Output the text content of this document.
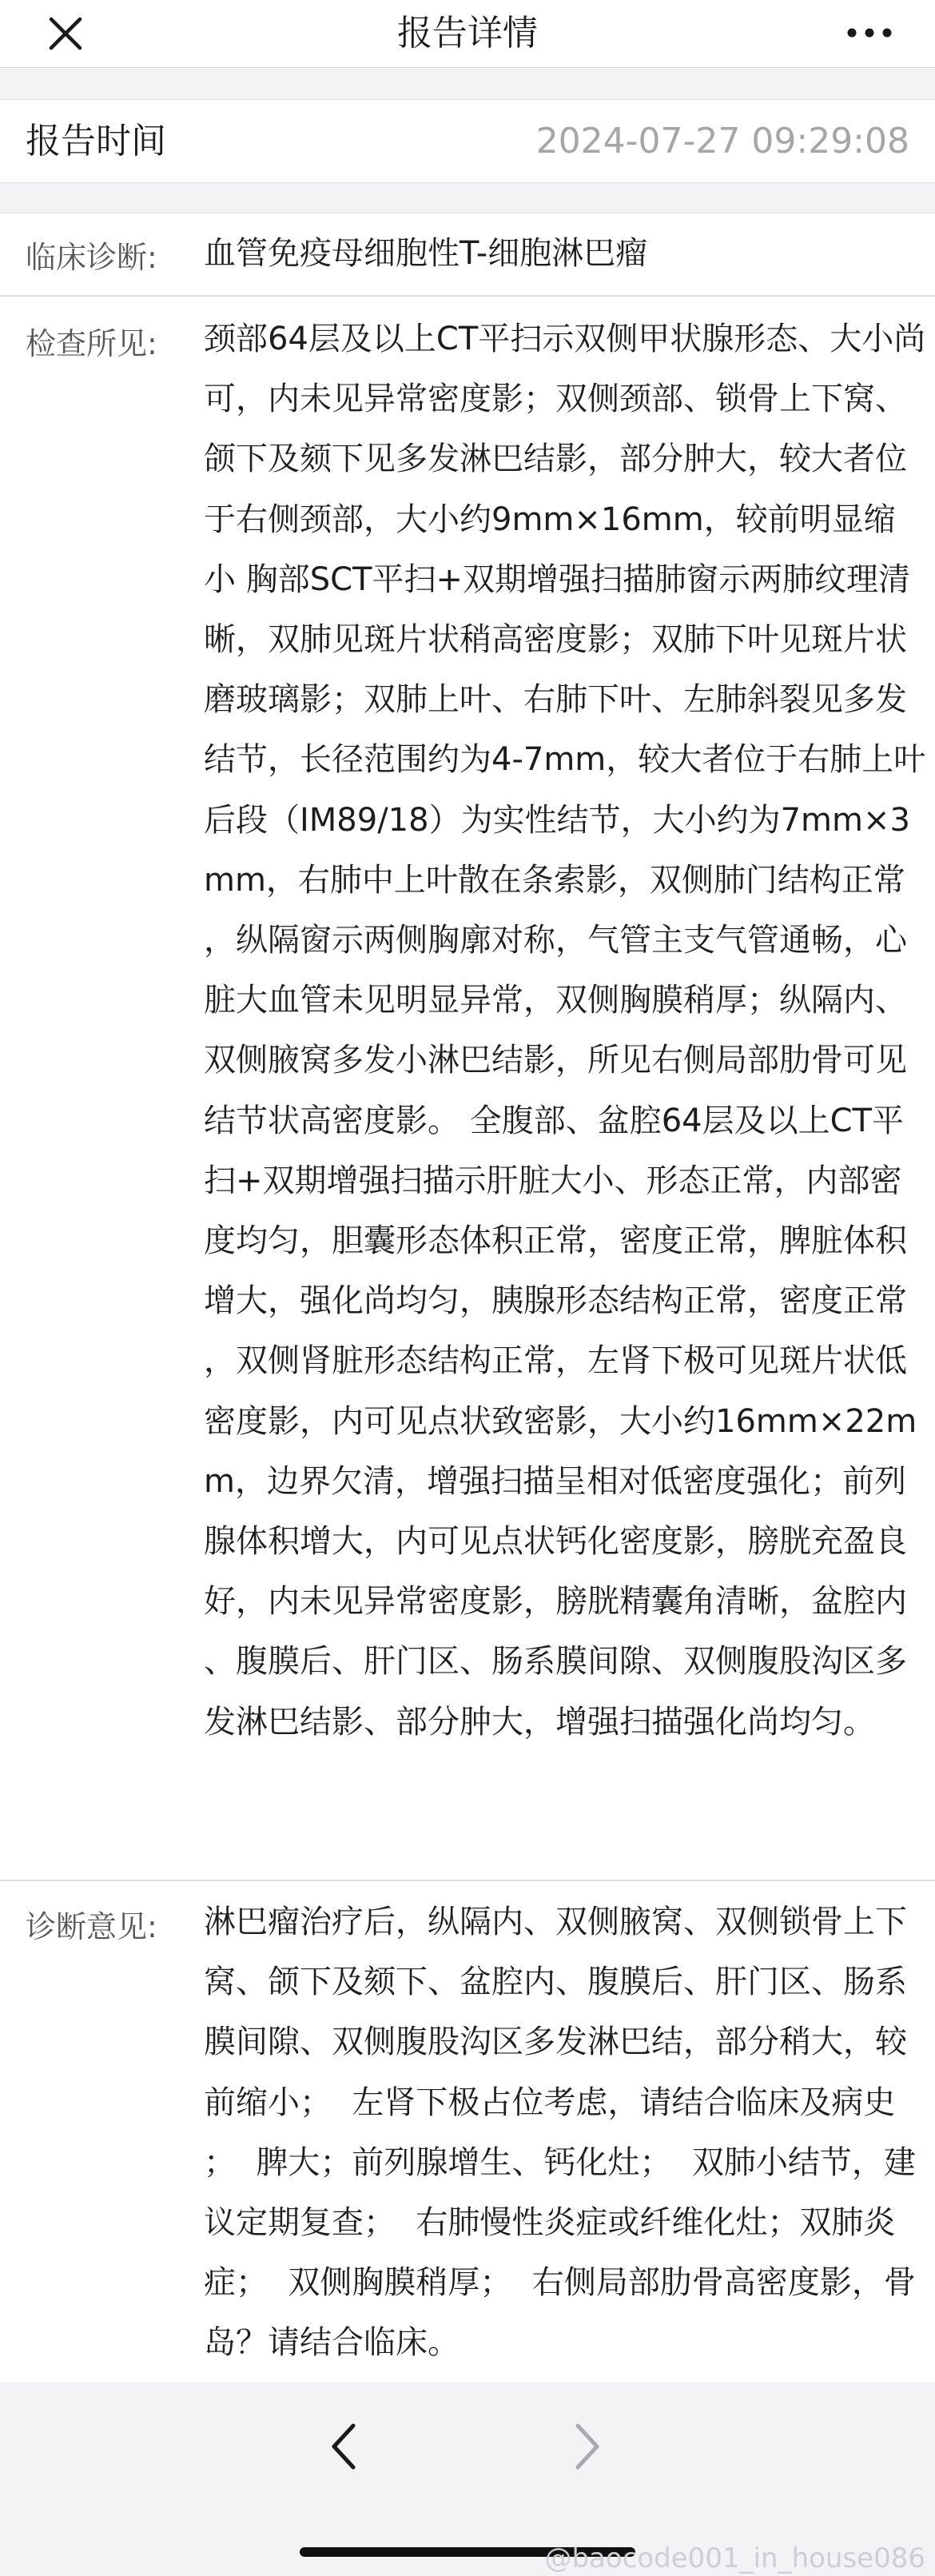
报告详情
报告时间	2024-07-27 09:29:08
临床诊断: 血管免疫母细胞性T-细胞淋巴瘤
检查所见: 颈部64层及以上CT平扫示双侧甲状腺形态、大小尚可，内未见异常密度影；双侧颈部、锁骨上下窝、颌下及颏下见多发淋巴结影，部分肿大，较大者位于右侧颈部，大小约9mm×16mm，较前明显缩小 胸部SCT平扫+双期增强扫描肺窗示两肺纹理清晰，双肺见斑片状稍高密度影；双肺下叶见斑片状磨玻璃影；双肺上叶、右肺下叶、左肺斜裂见多发结节，长径范围约为4-7mm，较大者位于右肺上叶后段（IM89/18）为实性结节，大小约为7mm×3mm，右肺中上叶散在条索影，双侧肺门结构正常，纵隔窗示两侧胸廓对称，气管主支气管通畅，心脏大血管未见明显异常，双侧胸膜稍厚；纵隔内、双侧腋窝多发小淋巴结影，所见右侧局部肋骨可见结节状高密度影。 全腹部、盆腔64层及以上CT平扫+双期增强扫描示肝脏大小、形态正常，内部密度均匀，胆囊形态体积正常，密度正常，脾脏体积增大，强化尚均匀，胰腺形态结构正常，密度正常，双侧肾脏形态结构正常，左肾下极可见斑片状低密度影，内可见点状致密影，大小约16mm×22mm，边界欠清，增强扫描呈相对低密度强化；前列腺体积增大，内可见点状钙化密度影，膀胱充盈良好，内未见异常密度影，膀胱精囊角清晰，盆腔内、腹膜后、肝门区、肠系膜间隙、双侧腹股沟区多发淋巴结影、部分肿大，增强扫描强化尚均匀。
诊断意见: 淋巴瘤治疗后，纵隔内、双侧腋窝、双侧锁骨上下窝、颌下及颏下、盆腔内、腹膜后、肝门区、肠系膜间隙、双侧腹股沟区多发淋巴结，部分稍大，较前缩小；  左肾下极占位考虑，请结合临床及病史；  脾大；前列腺增生、钙化灶；  双肺小结节，建议定期复查；  右肺慢性炎症或纤维化灶；双肺炎症；  双侧胸膜稍厚；  右侧局部肋骨高密度影，骨岛？请结合临床。
@baocode001_in_house086
